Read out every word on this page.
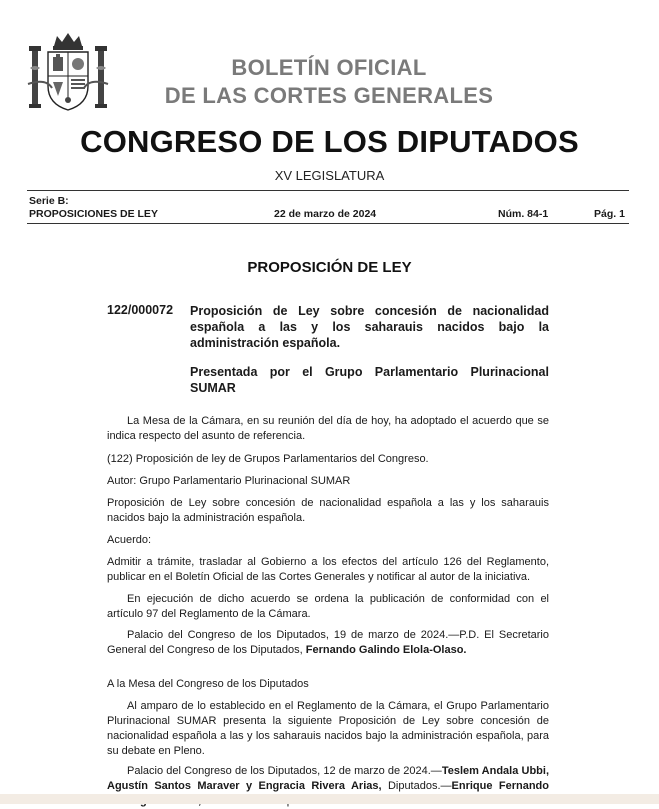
BOLETÍN OFICIAL
DE LAS CORTES GENERALES
CONGRESO DE LOS DIPUTADOS
XV LEGISLATURA
Serie B:
PROPOSICIONES DE LEY	22 de marzo de 2024	Núm. 84-1	Pág. 1
PROPOSICIÓN DE LEY
122/000072 Proposición de Ley sobre concesión de nacionalidad española a las y los saharauis nacidos bajo la administración española.
Presentada por el Grupo Parlamentario Plurinacional SUMAR

La Mesa de la Cámara, en su reunión del día de hoy, ha adoptado el acuerdo que se indica respecto del asunto de referencia.

(122) Proposición de ley de Grupos Parlamentarios del Congreso.

Autor: Grupo Parlamentario Plurinacional SUMAR

Proposición de Ley sobre concesión de nacionalidad española a las y los saharauis nacidos bajo la administración española.

Acuerdo:

Admitir a trámite, trasladar al Gobierno a los efectos del artículo 126 del Reglamento, publicar en el Boletín Oficial de las Cortes Generales y notificar al autor de la iniciativa.

En ejecución de dicho acuerdo se ordena la publicación de conformidad con el artículo 97 del Reglamento de la Cámara.

Palacio del Congreso de los Diputados, 19 de marzo de 2024.—P.D. El Secretario General del Congreso de los Diputados, Fernando Galindo Elola-Olaso.

A la Mesa del Congreso de los Diputados

Al amparo de lo establecido en el Reglamento de la Cámara, el Grupo Parlamentario Plurinacional SUMAR presenta la siguiente Proposición de Ley sobre concesión de nacionalidad española a las y los saharauis nacidos bajo la administración española, para su debate en Pleno.

Palacio del Congreso de los Diputados, 12 de marzo de 2024.—Teslem Andala Ubbi, Agustín Santos Maraver y Engracia Rivera Arias, Diputados.—Enrique Fernando
